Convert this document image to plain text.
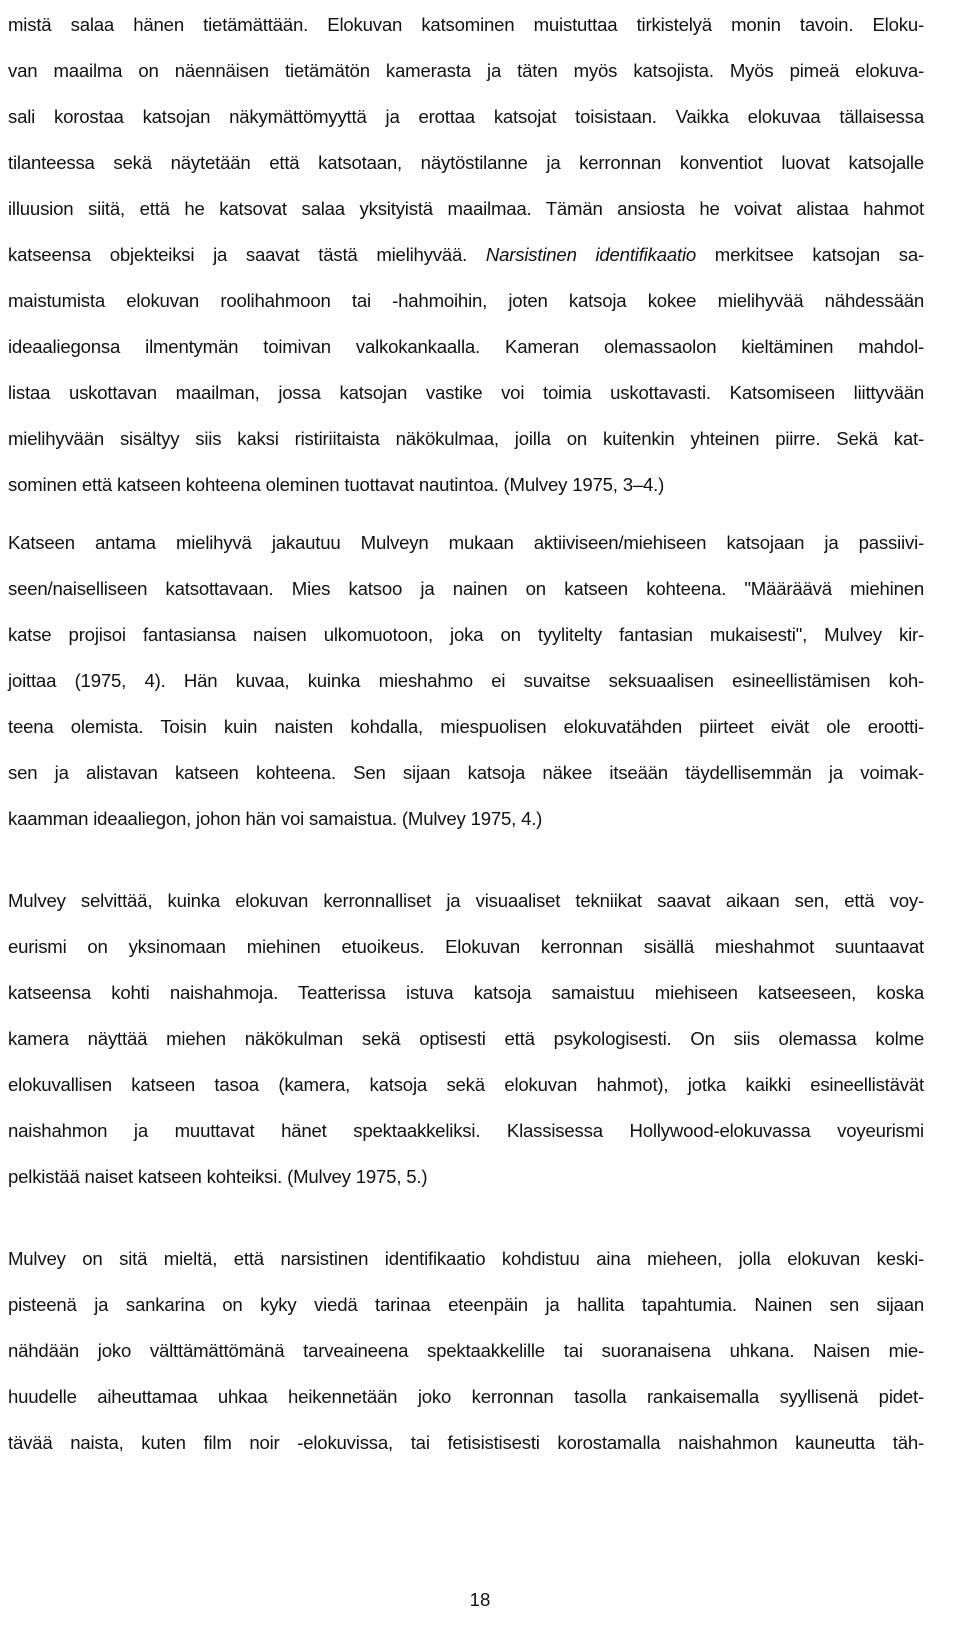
mistä salaa hänen tietämättään. Elokuvan katsominen muistuttaa tirkistelyä monin tavoin. Eloku-
van maailma on näennäisen tietämätön kamerasta ja täten myös katsojista. Myös pimeä elokuva-
sali korostaa katsojan näkymättömyyttä ja erottaa katsojat toisistaan. Vaikka elokuvaa tällaisessa
tilanteessa sekä näytetään että katsotaan, näytöstilanne ja kerronnan konventiot luovat katsojalle
illuusion siitä, että he katsovat salaa yksityistä maailmaa. Tämän ansiosta he voivat alistaa hahmot
katseensa objekteiksi ja saavat tästä mielihyvää. Narsistinen identifikaatio merkitsee katsojan sa-
maistumista elokuvan roolihahmoon tai -hahmoihin, joten katsoja kokee mielihyvää nähdessään
ideaaliegonsa ilmentymän toimivan valkokankaalla. Kameran olemassaolon kieltäminen mahdol-
listaa uskottavan maailman, jossa katsojan vastike voi toimia uskottavasti. Katsomiseen liittyvään
mielihyvään sisältyy siis kaksi ristiriitaista näkökulmaa, joilla on kuitenkin yhteinen piirre. Sekä kat-
sominen että katseen kohteena oleminen tuottavat nautintoa. (Mulvey 1975, 3–4.)
Katseen antama mielihyvä jakautuu Mulveyn mukaan aktiiviseen/miehiseen katsojaan ja passiivi-
seen/naiselliseen katsottavaan. Mies katsoo ja nainen on katseen kohteena. "Määräävä miehinen
katse projisoi fantasiansa naisen ulkomuotoon, joka on tyylitelty fantasian mukaisesti", Mulvey kir-
joittaa (1975, 4). Hän kuvaa, kuinka mieshahmo ei suvaitse seksuaalisen esineellistämisen koh-
teena olemista. Toisin kuin naisten kohdalla, miespuolisen elokuvatähden piirteet eivät ole erootti-
sen ja alistavan katseen kohteena. Sen sijaan katsoja näkee itseään täydellisemmän ja voimak-
kaamman ideaaliegon, johon hän voi samaistua. (Mulvey 1975, 4.)
Mulvey selvittää, kuinka elokuvan kerronnalliset ja visuaaliset tekniikat saavat aikaan sen, että voy-
eurismi on yksinomaan miehinen etuoikeus. Elokuvan kerronnan sisällä mieshahmot suuntaavat
katseensa kohti naishahmoja. Teatterissa istuva katsoja samaistuu miehiseen katseeseen, koska
kamera näyttää miehen näkökulman sekä optisesti että psykologisesti. On siis olemassa kolme
elokuvallisen katseen tasoa (kamera, katsoja sekä elokuvan hahmot), jotka kaikki esineellistävät
naishahmon ja muuttavat hänet spektaakkeliksi. Klassisessa Hollywood-elokuvassa voyeurismi
pelkistää naiset katseen kohteiksi. (Mulvey 1975, 5.)
Mulvey on sitä mieltä, että narsistinen identifikaatio kohdistuu aina mieheen, jolla elokuvan keski-
pisteenä ja sankarina on kyky viedä tarinaa eteenpäin ja hallita tapahtumia. Nainen sen sijaan
nähdään joko välttämättömänä tarveaineena spektaakkelille tai suoranaisena uhkana. Naisen mie-
huudelle aiheuttamaa uhkaa heikennetään joko kerronnan tasolla rankaisemalla syyllisenä pidet-
tävää naista, kuten film noir -elokuvissa, tai fetisistisesti korostamalla naishahmon kauneutta täh-
18
